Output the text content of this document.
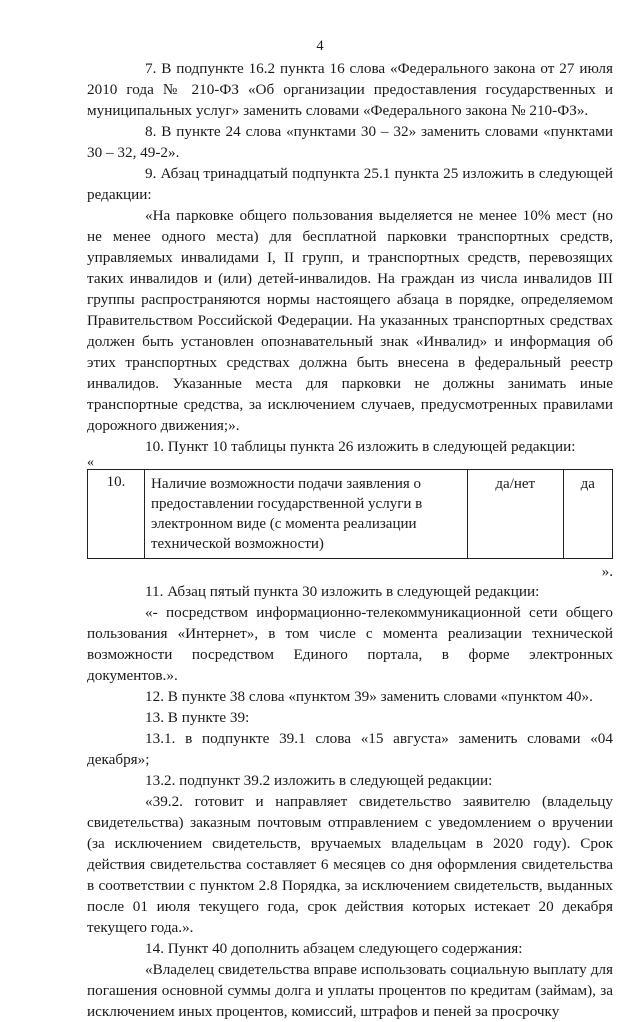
4

7. В подпункте 16.2 пункта 16 слова «Федерального закона от 27 июля 2010 года № 210-ФЗ «Об организации предоставления государственных и муниципальных услуг» заменить словами «Федерального закона № 210-ФЗ».

8. В пункте 24 слова «пунктами 30 – 32» заменить словами «пунктами 30 – 32, 49-2».

9. Абзац тринадцатый подпункта 25.1 пункта 25 изложить в следующей редакции:

«На парковке общего пользования выделяется не менее 10% мест (но не менее одного места) для бесплатной парковки транспортных средств, управляемых инвалидами I, II групп, и транспортных средств, перевозящих таких инвалидов и (или) детей-инвалидов. На граждан из числа инвалидов III группы распространяются нормы настоящего абзаца в порядке, определяемом Правительством Российской Федерации. На указанных транспортных средствах должен быть установлен опознавательный знак «Инвалид» и информация об этих транспортных средствах должна быть внесена в федеральный реестр инвалидов. Указанные места для парковки не должны занимать иные транспортные средства, за исключением случаев, предусмотренных правилами дорожного движения;».

10. Пункт 10 таблицы пункта 26 изложить в следующей редакции:

«

10.	Наличие возможности подачи заявления о предоставлении государственной услуги в электронном виде (с момента реализации технической возможности)	да/нет	да

».

11. Абзац пятый пункта 30 изложить в следующей редакции:

«- посредством информационно-телекоммуникационной сети общего пользования «Интернет», в том числе с момента реализации технической возможности посредством Единого портала, в форме электронных документов.».

12. В пункте 38 слова «пунктом 39» заменить словами «пунктом 40».

13. В пункте 39:

13.1. в подпункте 39.1 слова «15 августа» заменить словами «04 декабря»;

13.2. подпункт 39.2 изложить в следующей редакции:

«39.2. готовит и направляет свидетельство заявителю (владельцу свидетельства) заказным почтовым отправлением с уведомлением о вручении (за исключением свидетельств, вручаемых владельцам в 2020 году). Срок действия свидетельства составляет 6 месяцев со дня оформления свидетельства в соответствии с пунктом 2.8 Порядка, за исключением свидетельств, выданных после 01 июля текущего года, срок действия которых истекает 20 декабря текущего года.».

14. Пункт 40 дополнить абзацем следующего содержания:

«Владелец свидетельства вправе использовать социальную выплату для погашения основной суммы долга и уплаты процентов по кредитам (займам), за исключением иных процентов, комиссий, штрафов и пеней за просрочку
